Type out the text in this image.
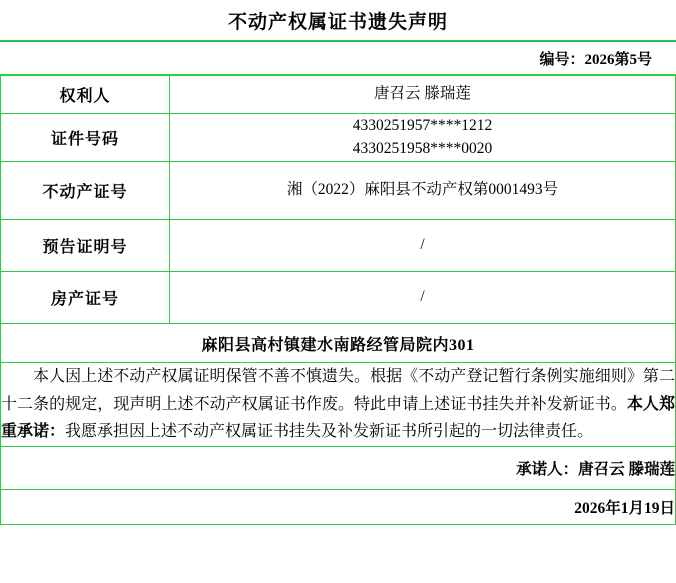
不动产权属证书遗失声明
编号：2026第5号
权利人	唐召云 滕瑞莲

证件号码	4330251957****1212
4330251958****0020

不动产证号	湘（2022）麻阳县不动产权第0001493号

预告证明号	/

房产证号	/

麻阳县高村镇建水南路经管局院内301	

本人因上述不动产权属证明保管不善不慎遗失。根据《不动产登记暂行条例实施细则》第二十二条的规定，现声明上述不动产权属证书作废。特此申请上述证书挂失并补发新证书。本人郑重承诺：我愿承担因上述不动产权属证书挂失及补发新证书所引起的一切法律责任。	

承诺人：唐召云 滕瑞莲	
2026年1月19日	
